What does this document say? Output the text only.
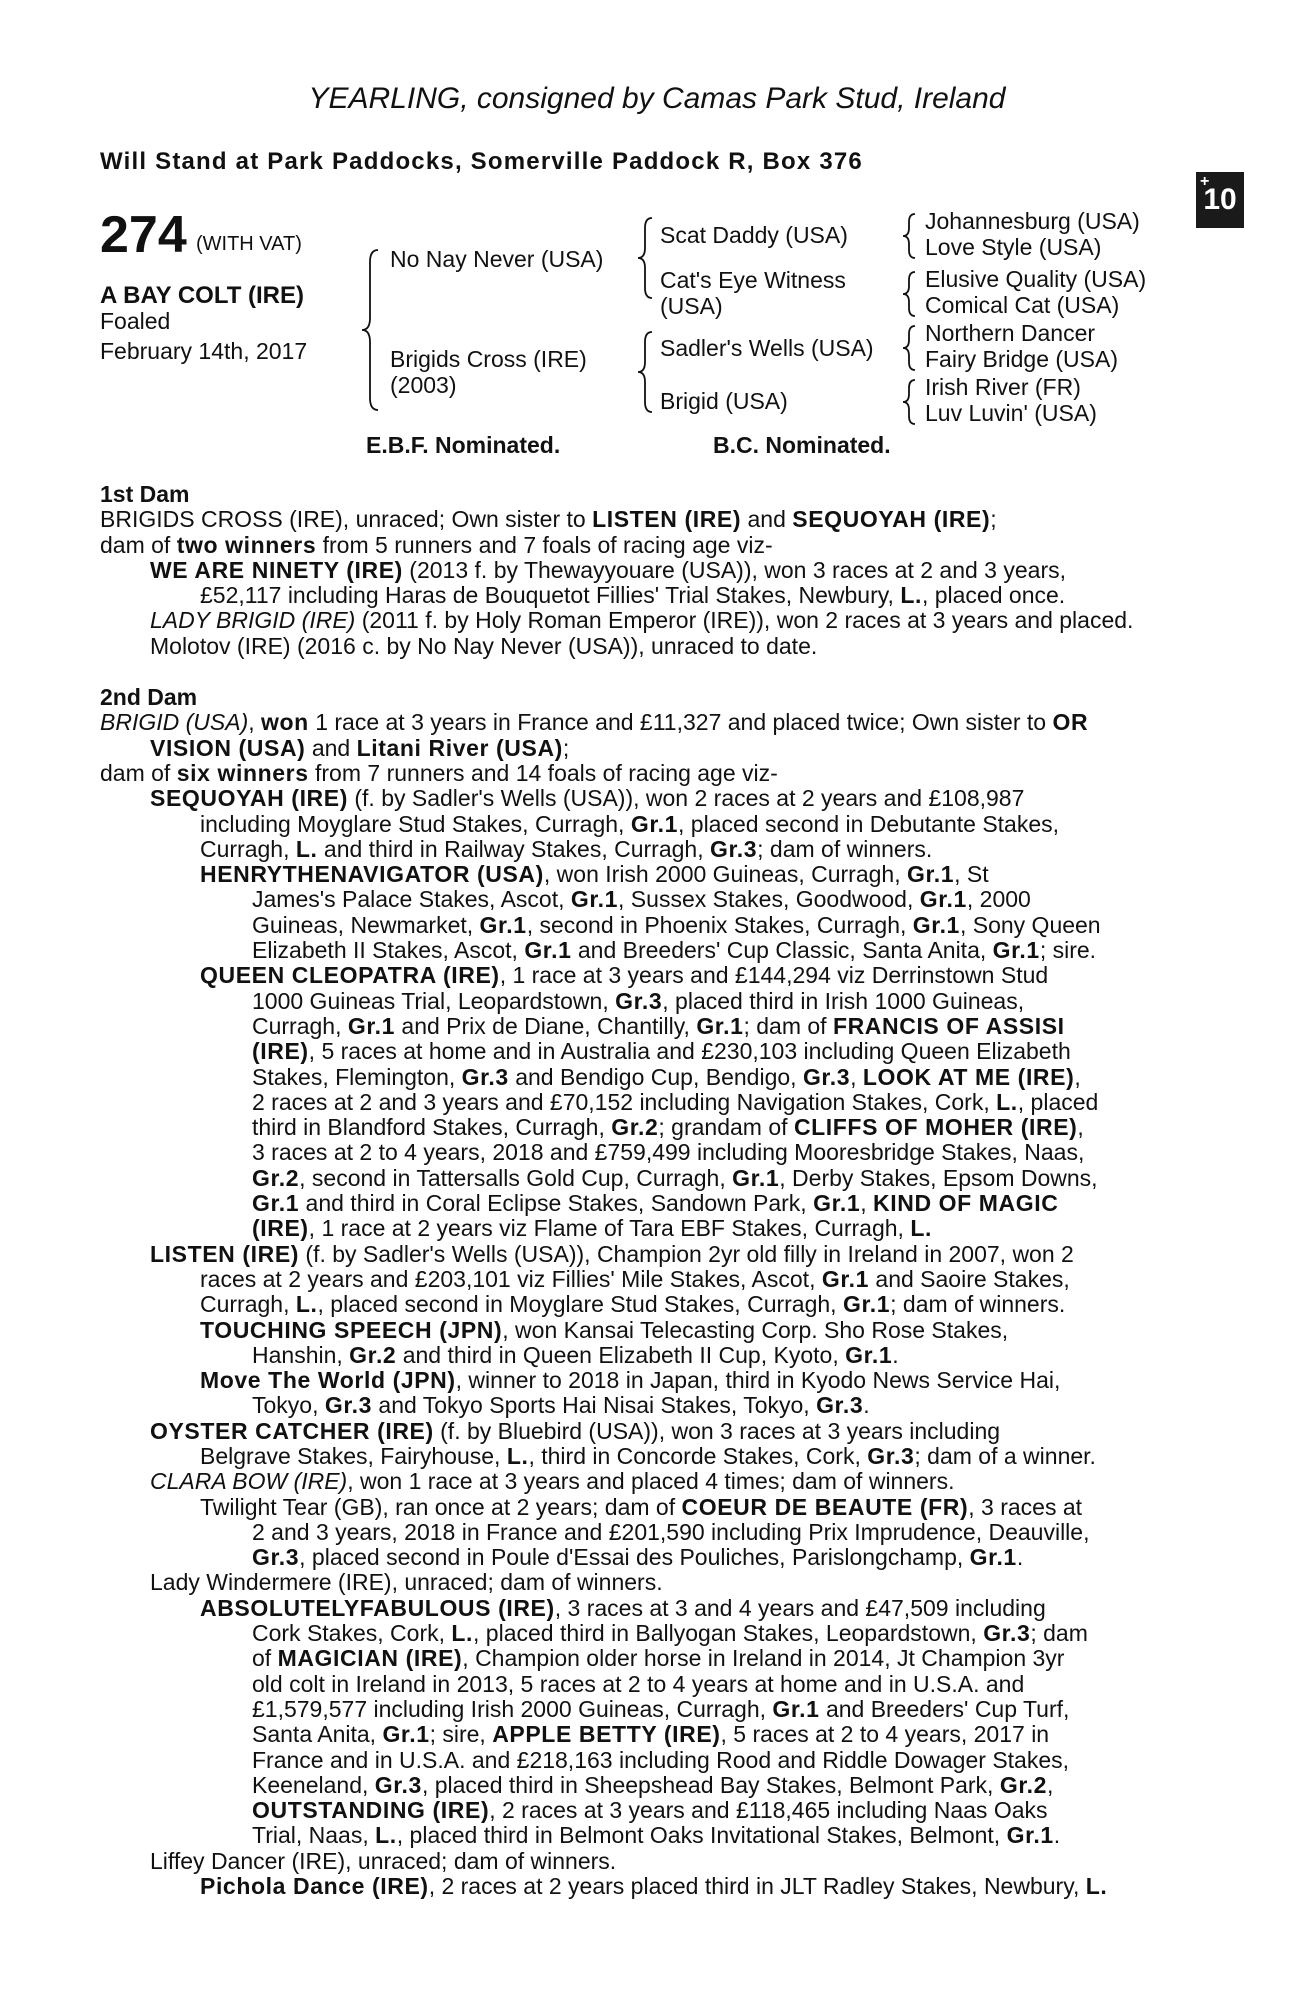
YEARLING, consigned by Camas Park Stud, Ireland
Will Stand at Park Paddocks, Somerville Paddock R, Box 376
+
10
274 (WITH VAT)
A BAY COLT (IRE)
Foaled
February 14th, 2017
No Nay Never (USA)
Brigids Cross (IRE)
(2003)
Scat Daddy (USA)
Cat's Eye Witness
(USA)
Sadler's Wells (USA)
Brigid (USA)
Johannesburg (USA)
Love Style (USA)
Elusive Quality (USA)
Comical Cat (USA)
Northern Dancer
Fairy Bridge (USA)
Irish River (FR)
Luv Luvin' (USA)
E.B.F. Nominated.	B.C. Nominated.
1st Dam
BRIGIDS CROSS (IRE), unraced; Own sister to LISTEN (IRE) and SEQUOYAH (IRE);
dam of two winners from 5 runners and 7 foals of racing age viz-
WE ARE NINETY (IRE) (2013 f. by Thewayyouare (USA)), won 3 races at 2 and 3 years,
£52,117 including Haras de Bouquetot Fillies' Trial Stakes, Newbury, L., placed once.
LADY BRIGID (IRE) (2011 f. by Holy Roman Emperor (IRE)), won 2 races at 3 years and placed.
Molotov (IRE) (2016 c. by No Nay Never (USA)), unraced to date.
2nd Dam
BRIGID (USA), won 1 race at 3 years in France and £11,327 and placed twice; Own sister to OR
VISION (USA) and Litani River (USA);
dam of six winners from 7 runners and 14 foals of racing age viz-
SEQUOYAH (IRE) (f. by Sadler's Wells (USA)), won 2 races at 2 years and £108,987
including Moyglare Stud Stakes, Curragh, Gr.1, placed second in Debutante Stakes,
Curragh, L. and third in Railway Stakes, Curragh, Gr.3; dam of winners.
HENRYTHENAVIGATOR (USA), won Irish 2000 Guineas, Curragh, Gr.1, St
James's Palace Stakes, Ascot, Gr.1, Sussex Stakes, Goodwood, Gr.1, 2000
Guineas, Newmarket, Gr.1, second in Phoenix Stakes, Curragh, Gr.1, Sony Queen
Elizabeth II Stakes, Ascot, Gr.1 and Breeders' Cup Classic, Santa Anita, Gr.1; sire.
QUEEN CLEOPATRA (IRE), 1 race at 3 years and £144,294 viz Derrinstown Stud
1000 Guineas Trial, Leopardstown, Gr.3, placed third in Irish 1000 Guineas,
Curragh, Gr.1 and Prix de Diane, Chantilly, Gr.1; dam of FRANCIS OF ASSISI
(IRE), 5 races at home and in Australia and £230,103 including Queen Elizabeth
Stakes, Flemington, Gr.3 and Bendigo Cup, Bendigo, Gr.3, LOOK AT ME (IRE),
2 races at 2 and 3 years and £70,152 including Navigation Stakes, Cork, L., placed
third in Blandford Stakes, Curragh, Gr.2; grandam of CLIFFS OF MOHER (IRE),
3 races at 2 to 4 years, 2018 and £759,499 including Mooresbridge Stakes, Naas,
Gr.2, second in Tattersalls Gold Cup, Curragh, Gr.1, Derby Stakes, Epsom Downs,
Gr.1 and third in Coral Eclipse Stakes, Sandown Park, Gr.1, KIND OF MAGIC
(IRE), 1 race at 2 years viz Flame of Tara EBF Stakes, Curragh, L.
LISTEN (IRE) (f. by Sadler's Wells (USA)), Champion 2yr old filly in Ireland in 2007, won 2
races at 2 years and £203,101 viz Fillies' Mile Stakes, Ascot, Gr.1 and Saoire Stakes,
Curragh, L., placed second in Moyglare Stud Stakes, Curragh, Gr.1; dam of winners.
TOUCHING SPEECH (JPN), won Kansai Telecasting Corp. Sho Rose Stakes,
Hanshin, Gr.2 and third in Queen Elizabeth II Cup, Kyoto, Gr.1.
Move The World (JPN), winner to 2018 in Japan, third in Kyodo News Service Hai,
Tokyo, Gr.3 and Tokyo Sports Hai Nisai Stakes, Tokyo, Gr.3.
OYSTER CATCHER (IRE) (f. by Bluebird (USA)), won 3 races at 3 years including
Belgrave Stakes, Fairyhouse, L., third in Concorde Stakes, Cork, Gr.3; dam of a winner.
CLARA BOW (IRE), won 1 race at 3 years and placed 4 times; dam of winners.
Twilight Tear (GB), ran once at 2 years; dam of COEUR DE BEAUTE (FR), 3 races at
2 and 3 years, 2018 in France and £201,590 including Prix Imprudence, Deauville,
Gr.3, placed second in Poule d'Essai des Pouliches, Parislongchamp, Gr.1.
Lady Windermere (IRE), unraced; dam of winners.
ABSOLUTELYFABULOUS (IRE), 3 races at 3 and 4 years and £47,509 including
Cork Stakes, Cork, L., placed third in Ballyogan Stakes, Leopardstown, Gr.3; dam
of MAGICIAN (IRE), Champion older horse in Ireland in 2014, Jt Champion 3yr
old colt in Ireland in 2013, 5 races at 2 to 4 years at home and in U.S.A. and
£1,579,577 including Irish 2000 Guineas, Curragh, Gr.1 and Breeders' Cup Turf,
Santa Anita, Gr.1; sire, APPLE BETTY (IRE), 5 races at 2 to 4 years, 2017 in
France and in U.S.A. and £218,163 including Rood and Riddle Dowager Stakes,
Keeneland, Gr.3, placed third in Sheepshead Bay Stakes, Belmont Park, Gr.2,
OUTSTANDING (IRE), 2 races at 3 years and £118,465 including Naas Oaks
Trial, Naas, L., placed third in Belmont Oaks Invitational Stakes, Belmont, Gr.1.
Liffey Dancer (IRE), unraced; dam of winners.
Pichola Dance (IRE), 2 races at 2 years placed third in JLT Radley Stakes, Newbury, L.
